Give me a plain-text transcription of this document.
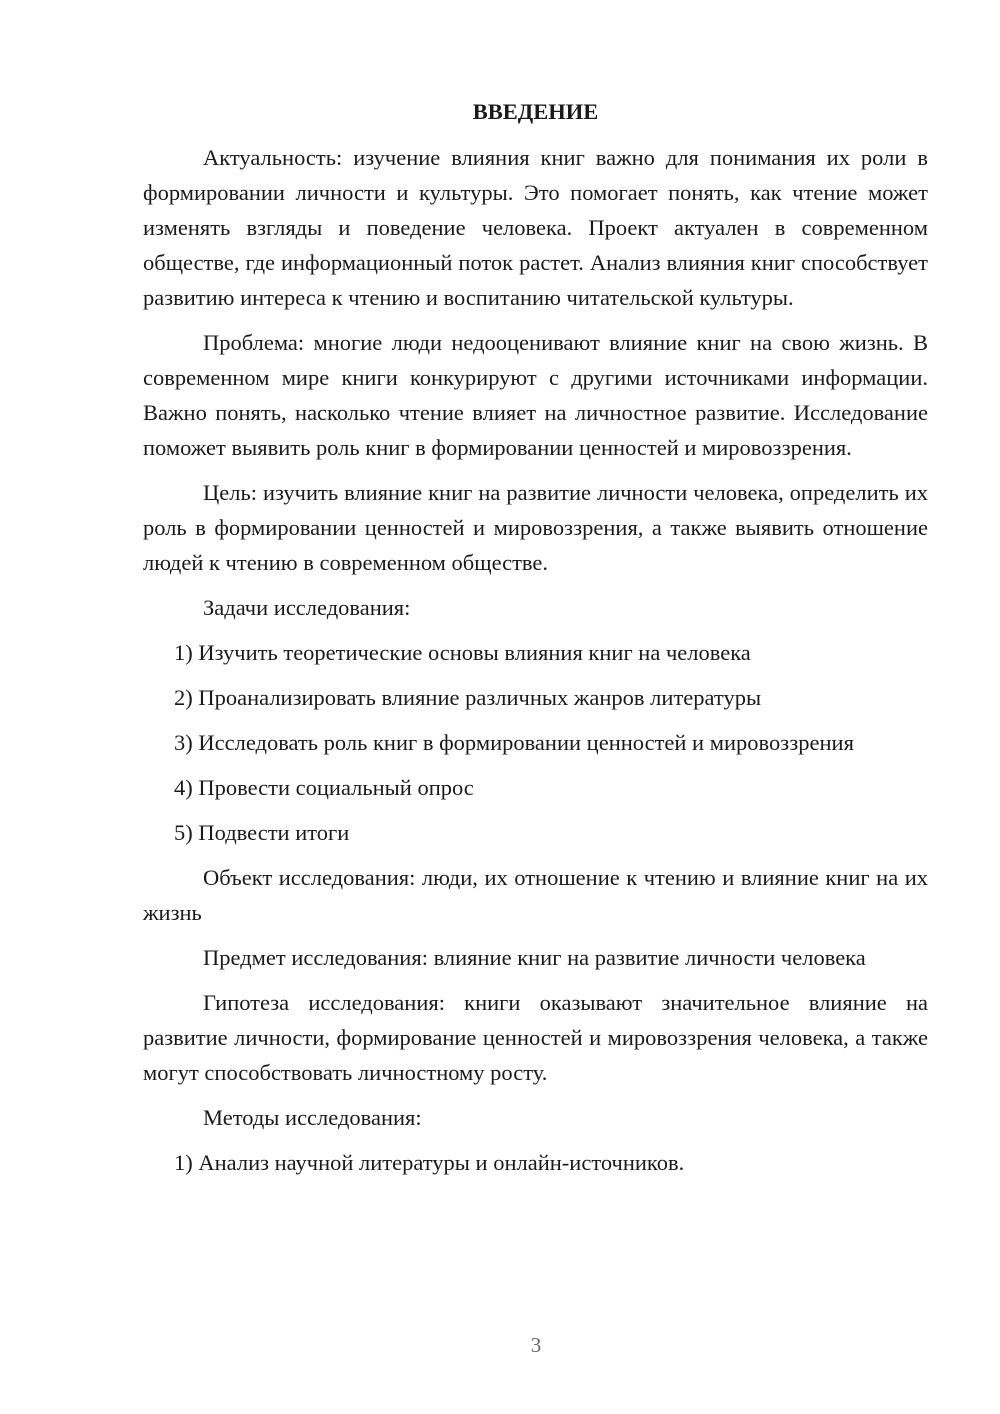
ВВЕДЕНИЕ

Актуальность: изучение влияния книг важно для понимания их роли в формировании личности и культуры. Это помогает понять, как чтение может изменять взгляды и поведение человека. Проект актуален в современном обществе, где информационный поток растет. Анализ влияния книг способствует развитию интереса к чтению и воспитанию читательской культуры.

Проблема: многие люди недооценивают влияние книг на свою жизнь. В современном мире книги конкурируют с другими источниками информации. Важно понять, насколько чтение влияет на личностное развитие. Исследование поможет выявить роль книг в формировании ценностей и мировоззрения.

Цель: изучить влияние книг на развитие личности человека, определить их роль в формировании ценностей и мировоззрения, а также выявить отношение людей к чтению в современном обществе.

Задачи исследования:

1) Изучить теоретические основы влияния книг на человека
2) Проанализировать влияние различных жанров литературы
3) Исследовать роль книг в формировании ценностей и мировоззрения
4) Провести социальный опрос
5) Подвести итоги

Объект исследования: люди, их отношение к чтению и влияние книг на их жизнь

Предмет исследования: влияние книг на развитие личности человека

Гипотеза исследования: книги оказывают значительное влияние на развитие личности, формирование ценностей и мировоззрения человека, а также могут способствовать личностному росту.

Методы исследования:

1) Анализ научной литературы и онлайн-источников.
3
